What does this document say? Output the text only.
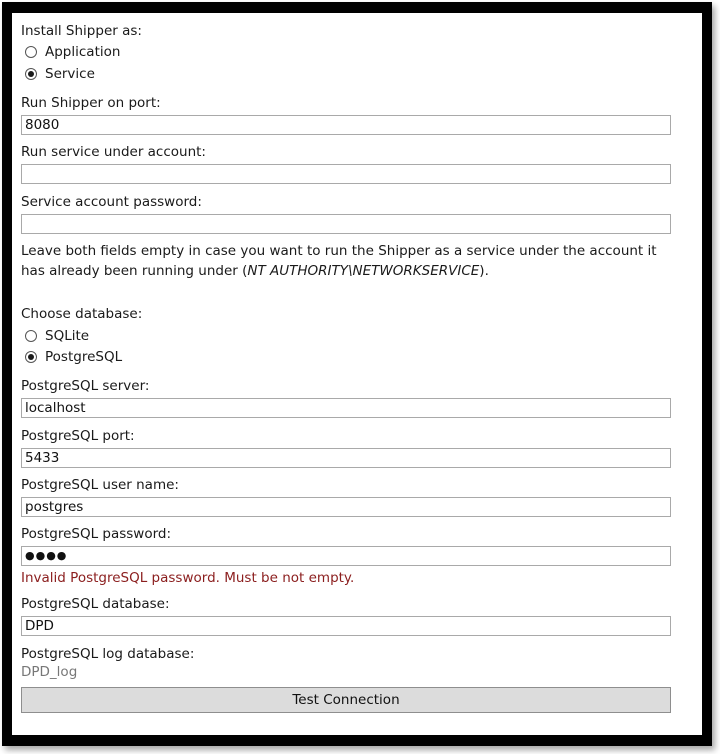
Install Shipper as:
Application
Service
Run Shipper on port:
8080
Run service under account:
Service account password:
Leave both fields empty in case you want to run the Shipper as a service under the account it has already been running under (NT AUTHORITY\NETWORKSERVICE).
Choose database:
SQLite
PostgreSQL
PostgreSQL server:
localhost
PostgreSQL port:
5433
PostgreSQL user name:
postgres
PostgreSQL password:
●●●●
Invalid PostgreSQL password. Must be not empty.
PostgreSQL database:
DPD
PostgreSQL log database:
DPD_log
Test Connection
